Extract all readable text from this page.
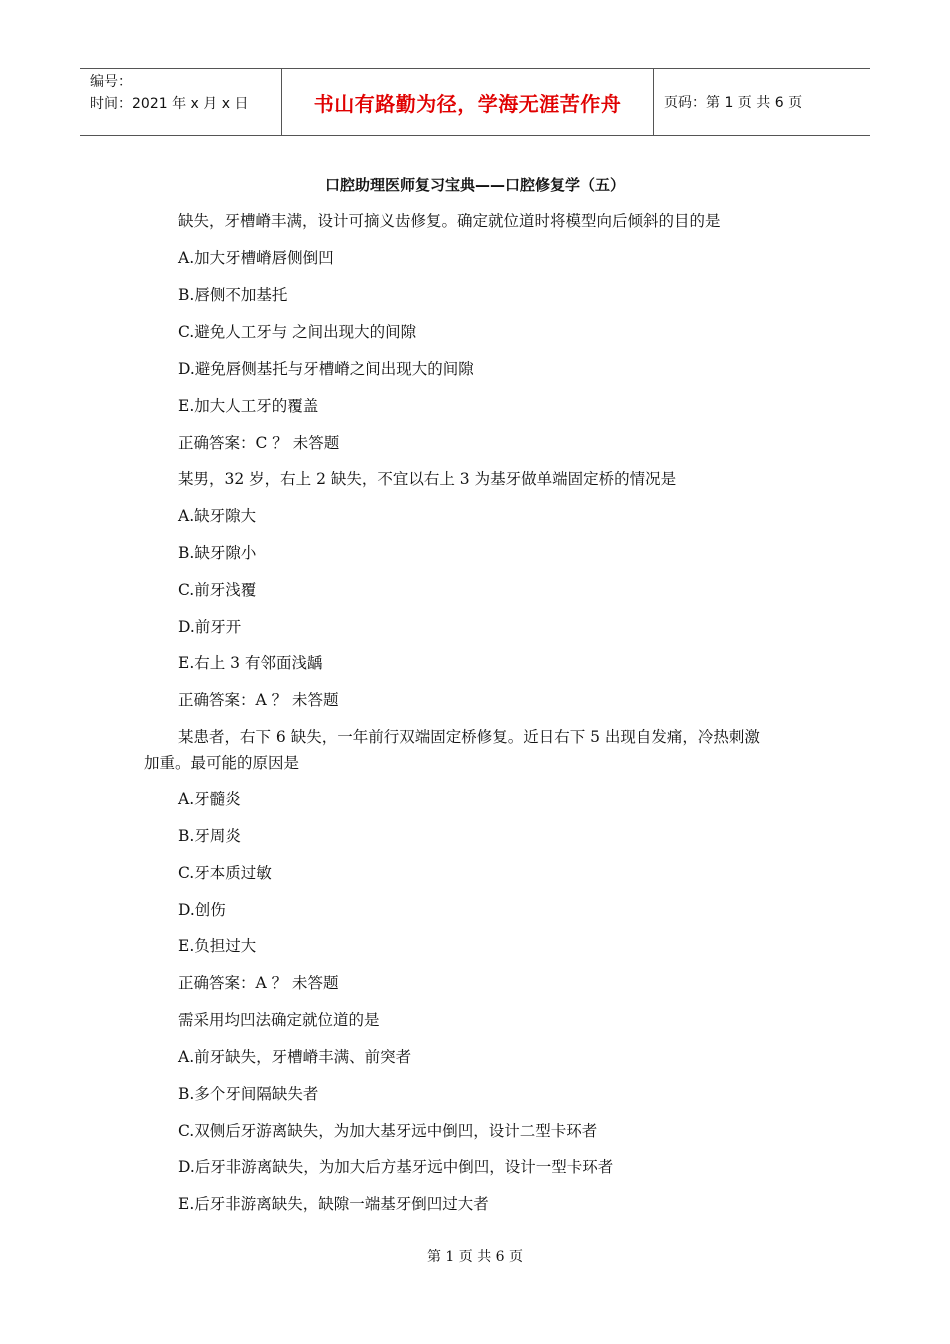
编号：
时间：2021 年 x 月 x 日	书山有路勤为径，学海无涯苦作舟	页码：第 1 页 共 6 页
口腔助理医师复习宝典——口腔修复学（五）
缺失，牙槽嵴丰满，设计可摘义齿修复。确定就位道时将模型向后倾斜的目的是
A.加大牙槽嵴唇侧倒凹
B.唇侧不加基托
C.避免人工牙与 之间出现大的间隙
D.避免唇侧基托与牙槽嵴之间出现大的间隙
E.加大人工牙的覆盖
正确答案：C ？ 未答题
某男，32 岁，右上 2 缺失，不宜以右上 3 为基牙做单端固定桥的情况是
A.缺牙隙大
B.缺牙隙小
C.前牙浅覆
D.前牙开
E.右上 3 有邻面浅龋
正确答案：A ？ 未答题
某患者，右下 6 缺失，一年前行双端固定桥修复。近日右下 5 出现自发痛，冷热刺激
加重。最可能的原因是
A.牙髓炎
B.牙周炎
C.牙本质过敏
D.创伤
E.负担过大
正确答案：A ？ 未答题
需采用均凹法确定就位道的是
A.前牙缺失，牙槽嵴丰满、前突者
B.多个牙间隔缺失者
C.双侧后牙游离缺失，为加大基牙远中倒凹，设计二型卡环者
D.后牙非游离缺失，为加大后方基牙远中倒凹，设计一型卡环者
E.后牙非游离缺失，缺隙一端基牙倒凹过大者
第 1 页 共 6 页
